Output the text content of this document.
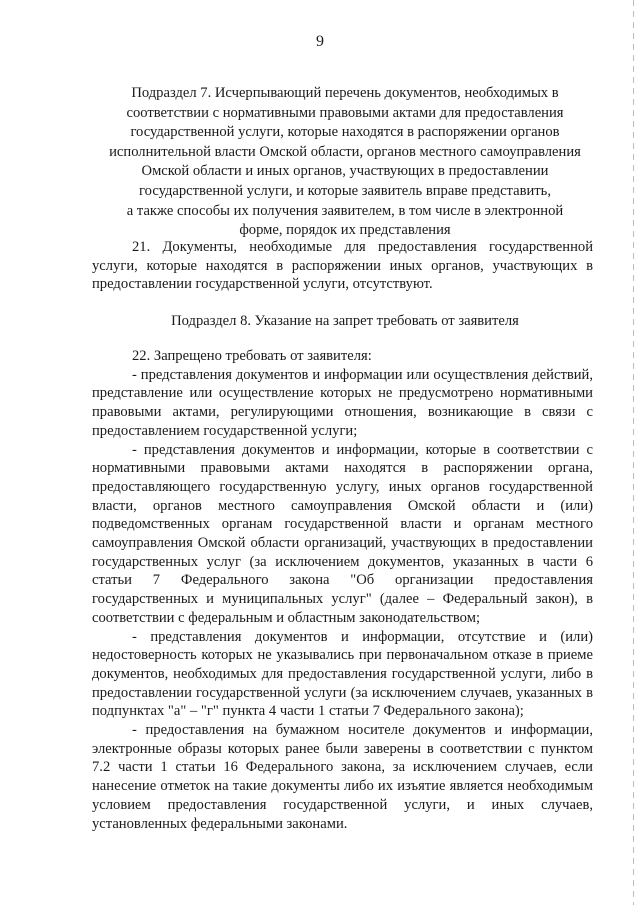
9
Подраздел 7. Исчерпывающий перечень документов, необходимых в
соответствии с нормативными правовыми актами для предоставления
государственной услуги, которые находятся в распоряжении органов
исполнительной власти Омской области, органов местного самоуправления
Омской области и иных органов, участвующих в предоставлении
государственной услуги, и которые заявитель вправе представить,
а также способы их получения заявителем, в том числе в электронной
форме, порядок их представления

21. Документы, необходимые для предоставления государственной услуги, которые находятся в распоряжении иных органов, участвующих в предоставлении государственной услуги, отсутствуют.

Подраздел 8. Указание на запрет требовать от заявителя

22. Запрещено требовать от заявителя:

- представления документов и информации или осуществления действий, представление или осуществление которых не предусмотрено нормативными правовыми актами, регулирующими отношения, возникающие в связи с предоставлением государственной услуги;

- представления документов и информации, которые в соответствии с нормативными правовыми актами находятся в распоряжении органа, предоставляющего государственную услугу, иных органов государственной власти, органов местного самоуправления Омской области и (или) подведомственных органам государственной власти и органам местного самоуправления Омской области организаций, участвующих в предоставлении государственных услуг (за исключением документов, указанных в части 6 статьи 7 Федерального закона "Об организации предоставления государственных и муниципальных услуг" (далее – Федеральный закон), в соответствии с федеральным и областным законодательством;

- представления документов и информации, отсутствие и (или) недостоверность которых не указывались при первоначальном отказе в приеме документов, необходимых для предоставления государственной услуги, либо в предоставлении государственной услуги (за исключением случаев, указанных в подпунктах "а" – "г" пункта 4 части 1 статьи 7 Федерального закона);

- предоставления на бумажном носителе документов и информации, электронные образы которых ранее были заверены в соответствии с пунктом 7.2 части 1 статьи 16 Федерального закона, за исключением случаев, если нанесение отметок на такие документы либо их изъятие является необходимым условием предоставления государственной услуги, и иных случаев, установленных федеральными законами.
